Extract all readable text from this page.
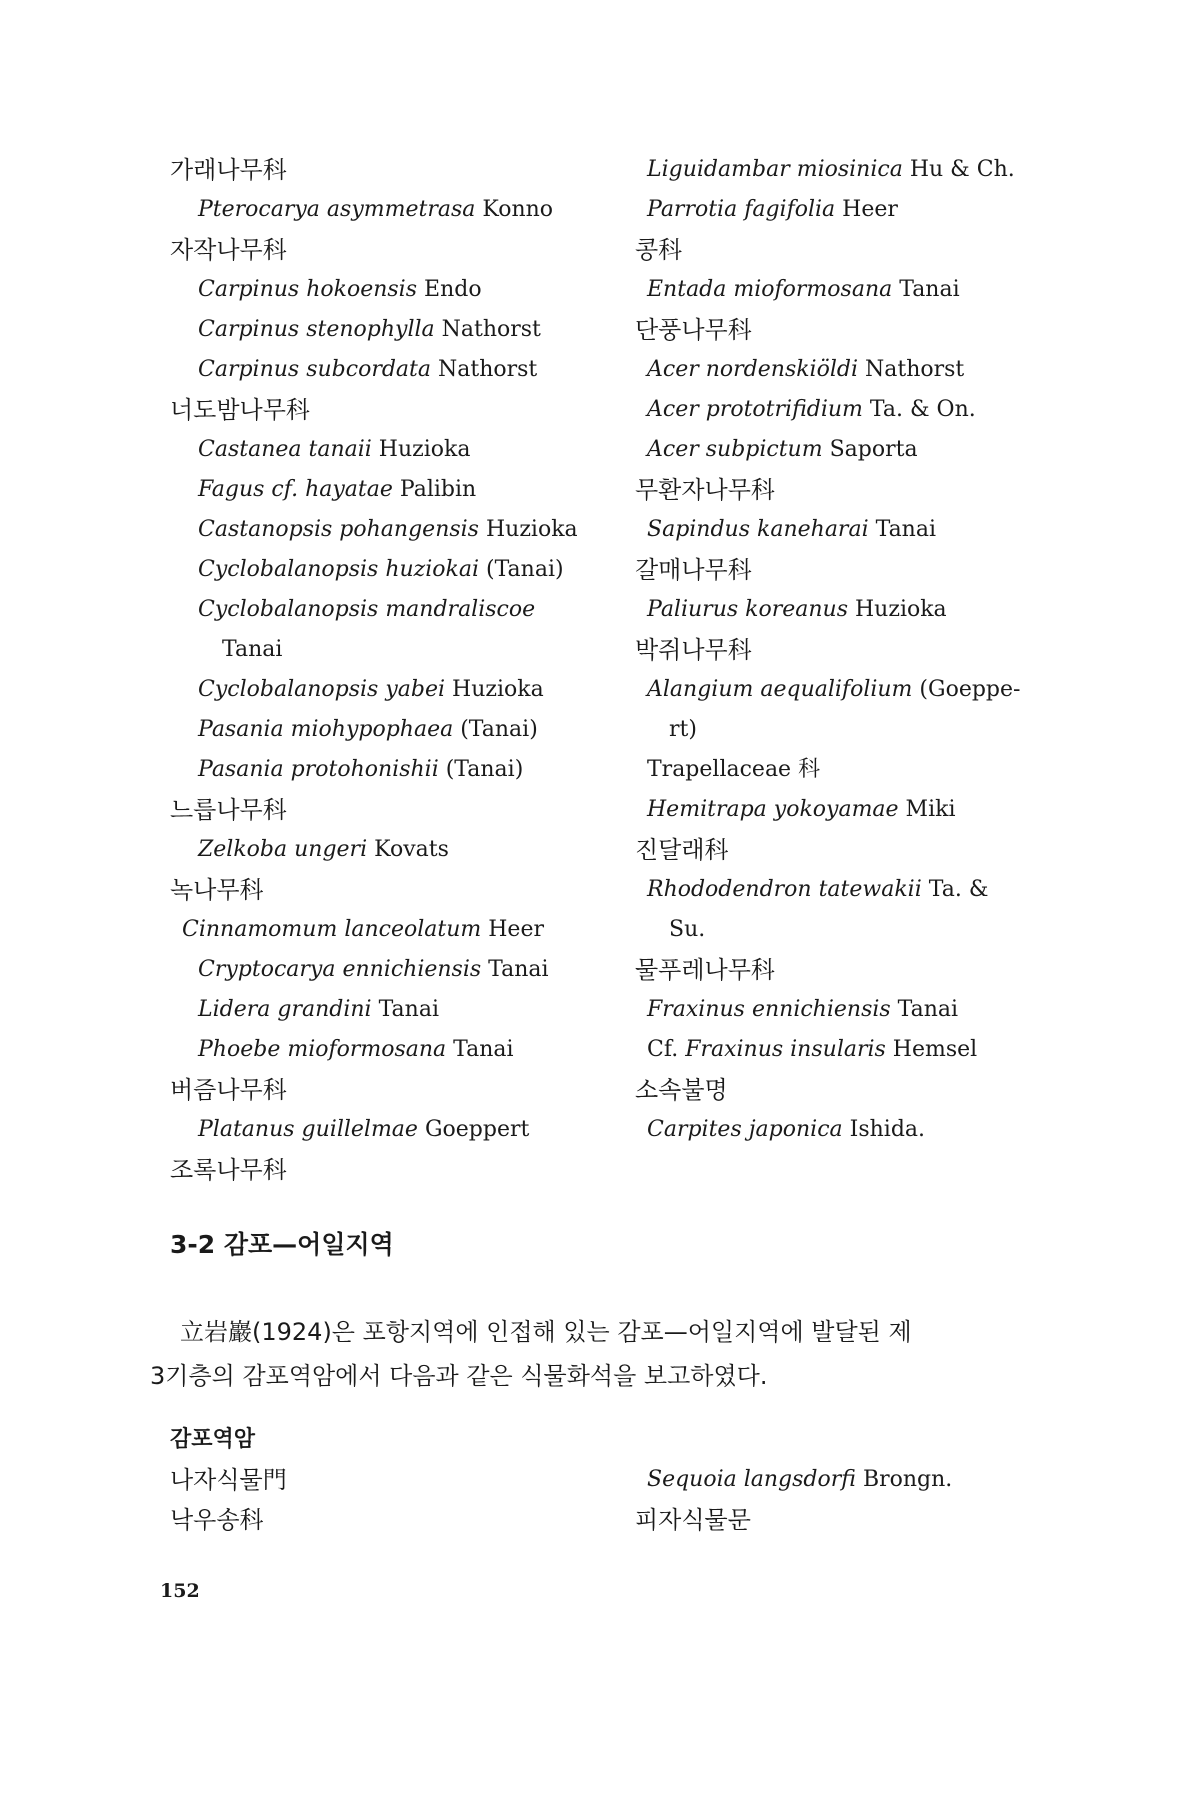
가래나무科
Pterocarya asymmetrasa Konno
자작나무科
Carpinus hokoensis Endo
Carpinus stenophylla Nathorst
Carpinus subcordata Nathorst
너도밤나무科
Castanea tanaii Huzioka
Fagus cf. hayatae Palibin
Castanopsis pohangensis Huzioka
Cyclobalanopsis huziokai (Tanai)
Cyclobalanopsis mandraliscoe
Tanai
Cyclobalanopsis yabei Huzioka
Pasania miohypophaea (Tanai)
Pasania protohonishii (Tanai)
느릅나무科
Zelkoba ungeri Kovats
녹나무科
Cinnamomum lanceolatum Heer
Cryptocarya ennichiensis Tanai
Lidera grandini Tanai
Phoebe mioformosana Tanai
버즘나무科
Platanus guillelmae Goeppert
조록나무科
Liguidambar miosinica Hu & Ch.
Parrotia fagifolia Heer
콩科
Entada mioformosana Tanai
단풍나무科
Acer nordenskiöldi Nathorst
Acer prototrifidium Ta. & On.
Acer subpictum Saporta
무환자나무科
Sapindus kaneharai Tanai
갈매나무科
Paliurus koreanus Huzioka
박쥐나무科
Alangium aequalifolium (Goeppe-
rt)
Trapellaceae 科
Hemitrapa yokoyamae Miki
진달래科
Rhododendron tatewakii Ta. &
Su.
물푸레나무科
Fraxinus ennichiensis Tanai
Cf. Fraxinus insularis Hemsel
소속불명
Carpites japonica Ishida.
3-2 감포—어일지역
立岩巖(1924)은 포항지역에 인접해 있는 감포—어일지역에 발달된 제
3기층의 감포역암에서 다음과 같은 식물화석을 보고하였다.
감포역암
나자식물門
낙우송科
Sequoia langsdorfi Brongn.
피자식물문
152
